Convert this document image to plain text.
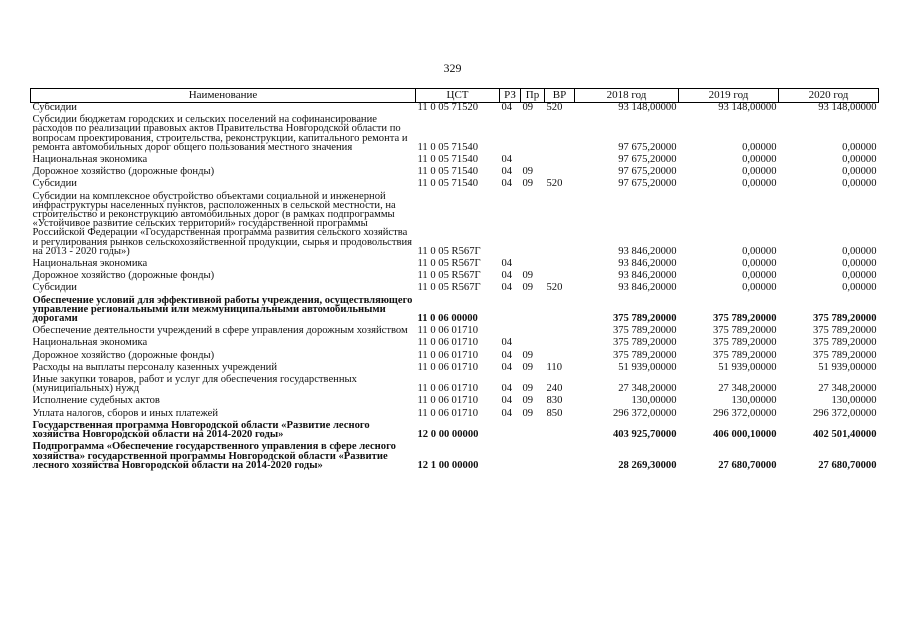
329
Наименование	ЦСТ	РЗ	Пр	ВР	2018 год	2019 год	2020 год
Субсидии	11 0 05 71520	04	09	520	93 148,00000	93 148,00000	93 148,00000
Субсидии бюджетам городских и сельских поселений на софинансирование расходов по реализации правовых актов Правительства Новгородской области по вопросам проектирования, строительства, реконструкции, капитального ремонта и ремонта автомобильных дорог общего пользования местного значения	11 0 05 71540				97 675,20000	0,00000	0,00000
Национальная экономика	11 0 05 71540	04			97 675,20000	0,00000	0,00000
Дорожное хозяйство (дорожные фонды)	11 0 05 71540	04	09		97 675,20000	0,00000	0,00000
Субсидии	11 0 05 71540	04	09	520	97 675,20000	0,00000	0,00000
Субсидии на комплексное обустройство объектами социальной и инженерной инфраструктуры населенных пунктов, расположенных в сельской местности, на строительство и реконструкцию автомобильных дорог (в рамках подпрограммы «Устойчивое развитие сельских территорий» государственной программы Российской Федерации «Государственная программа развития сельского хозяйства и регулирования рынков сельскохозяйственной продукции, сырья и продовольствия на 2013 - 2020 годы»)	11 0 05 R567Г				93 846,20000	0,00000	0,00000
Национальная экономика	11 0 05 R567Г	04			93 846,20000	0,00000	0,00000
Дорожное хозяйство (дорожные фонды)	11 0 05 R567Г	04	09		93 846,20000	0,00000	0,00000
Субсидии	11 0 05 R567Г	04	09	520	93 846,20000	0,00000	0,00000
Обеспечение условий для эффективной работы учреждения, осуществляющего управление региональными или межмуниципальными автомобильными дорогами	11 0 06 00000				375 789,20000	375 789,20000	375 789,20000
Обеспечение деятельности учреждений в сфере управления дорожным хозяйством	11 0 06 01710				375 789,20000	375 789,20000	375 789,20000
Национальная экономика	11 0 06 01710	04			375 789,20000	375 789,20000	375 789,20000
Дорожное хозяйство (дорожные фонды)	11 0 06 01710	04	09		375 789,20000	375 789,20000	375 789,20000
Расходы на выплаты персоналу казенных учреждений	11 0 06 01710	04	09	110	51 939,00000	51 939,00000	51 939,00000
Иные закупки товаров, работ и услуг для обеспечения государственных (муниципальных) нужд	11 0 06 01710	04	09	240	27 348,20000	27 348,20000	27 348,20000
Исполнение судебных актов	11 0 06 01710	04	09	830	130,00000	130,00000	130,00000
Уплата налогов, сборов и иных платежей	11 0 06 01710	04	09	850	296 372,00000	296 372,00000	296 372,00000
Государственная программа Новгородской области «Развитие лесного хозяйства Новгородской области на 2014-2020 годы»	12 0 00 00000				403 925,70000	406 000,10000	402 501,40000
Подпрограмма «Обеспечение государственного управления в сфере лесного хозяйства» государственной программы Новгородской области «Развитие лесного хозяйства Новгородской области на 2014-2020 годы»	12 1 00 00000				28 269,30000	27 680,70000	27 680,70000
